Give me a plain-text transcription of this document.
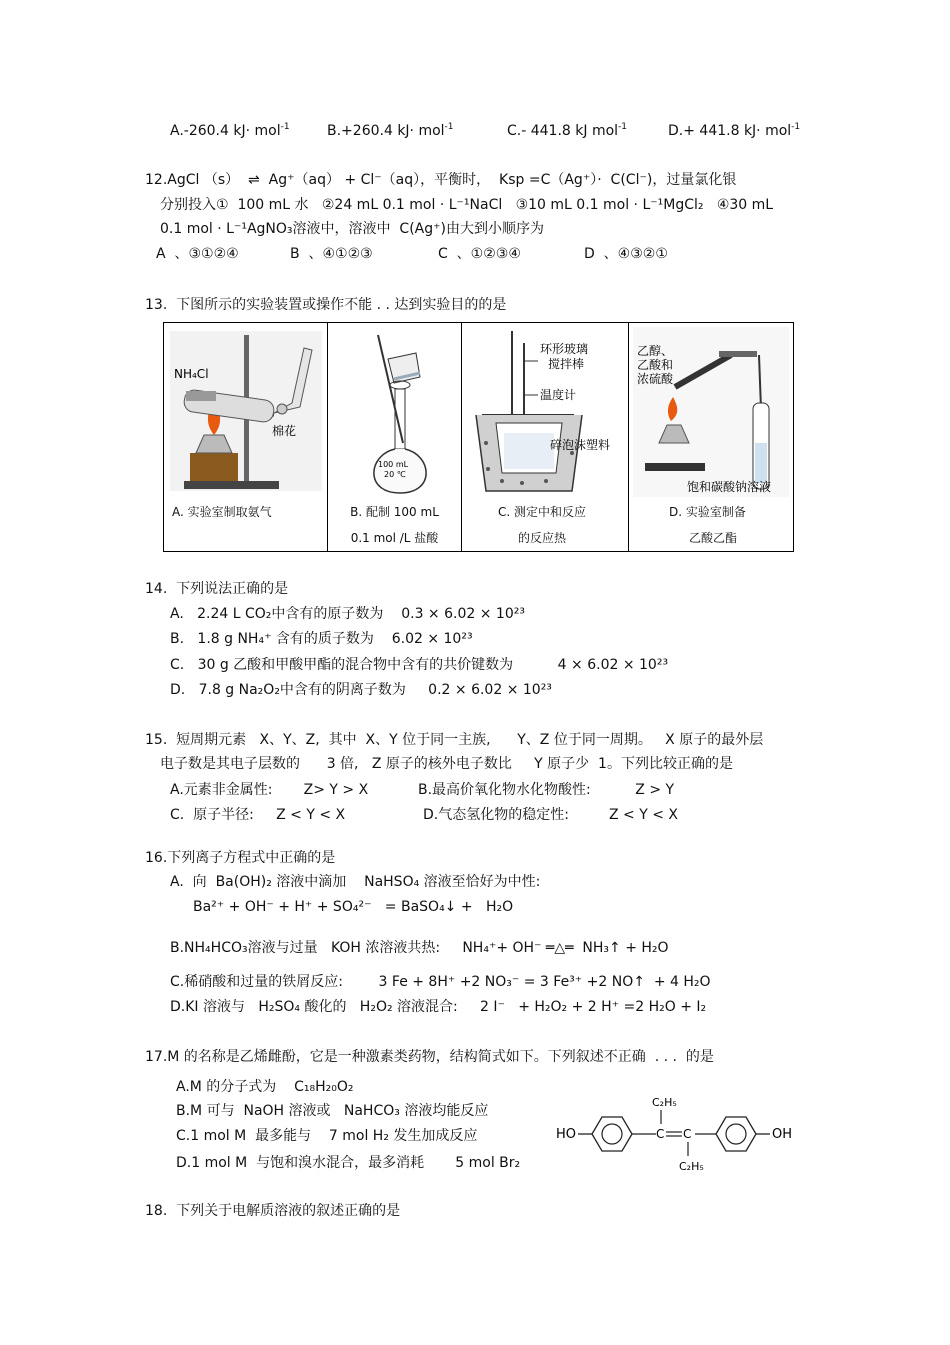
A.-260.4 kJ· mol$^{-1}$	B.+260.4 kJ· mol$^{-1}$	C.- 441.8 kJ mol$^{-1}$	D.+ 441.8 kJ· mol$^{-1}$
12.AgCl （s）  ⇌  Ag⁺（aq） + Cl⁻（aq），平衡时，  Ksp =C（Ag⁺）·  C(Cl⁻)，过量氯化银
分别投入①  100 mL 水   ②24 mL 0.1 mol · L⁻¹NaCl   ③10 mL 0.1 mol · L⁻¹MgCl₂   ④30 mL
0.1 mol · L⁻¹AgNO₃溶液中，溶液中  C(Ag⁺)由大到小顺序为
A  、③①②④	B  、④①②③	C  、①②③④	D  、④③②①
13.  下图所示的实验装置或操作不能 . . 达到实验目的的是
NH₄Cl
棉花
A. 实验室制取氨气

100 mL
20 ℃
B. 配制 100 mL
0.1 mol /L 盐酸

环形玻璃
搅拌棒
温度计
碎泡沫塑料
C. 测定中和反应
的反应热

乙醇、
乙酸和
浓硫酸
饱和碳酸钠溶液
D. 实验室制备
乙酸乙酯
14.  下列说法正确的是
A.   2.24 L CO₂中含有的原子数为    0.3 × 6.02 × 10²³
B.   1.8 g NH₄⁺ 含有的质子数为    6.02 × 10²³
C.   30 g 乙酸和甲酸甲酯的混合物中含有的共价键数为          4 × 6.02 × 10²³
D.   7.8 g Na₂O₂中含有的阴离子数为     0.2 × 6.02 × 10²³
15.  短周期元素   X、Y、Z,  其中  X、Y 位于同一主族,      Y、Z 位于同一周期。   X 原子的最外层
电子数是其电子层数的      3 倍,   Z 原子的核外电子数比     Y 原子少  1。下列比较正确的是
A.元素非金属性:       Z> Y > X	B.最高价氧化物水化物酸性:          Z > Y
C.  原子半径:     Z < Y < X	D.气态氢化物的稳定性:         Z < Y < X
16.下列离子方程式中正确的是
A.  向  Ba(OH)₂ 溶液中滴加    NaHSO₄ 溶液至恰好为中性:
Ba²⁺ + OH⁻ + H⁺ + SO₄²⁻   = BaSO₄↓ +   H₂O
B.NH₄HCO₃溶液与过量   KOH 浓溶液共热:     NH₄⁺+ OH⁻ ═△═  NH₃↑ + H₂O
C.稀硝酸和过量的铁屑反应:        3 Fe + 8H⁺ +2 NO₃⁻ = 3 Fe³⁺ +2 NO↑  + 4 H₂O
D.KI 溶液与   H₂SO₄ 酸化的   H₂O₂ 溶液混合:     2 I⁻   + H₂O₂ + 2 H⁺ =2 H₂O + I₂
17.M 的名称是乙烯雌酚，它是一种激素类药物，结构简式如下。下列叙述不正确  . . .  的是
A.M 的分子式为    C₁₈H₂₀O₂
B.M 可与  NaOH 溶液或   NaHCO₃ 溶液均能反应
C.1 mol M  最多能与    7 mol H₂ 发生加成反应
D.1 mol M  与饱和溴水混合，最多消耗       5 mol Br₂
HO	C C
C₂H₅
C₂H₅
OH
18.  下列关于电解质溶液的叙述正确的是
